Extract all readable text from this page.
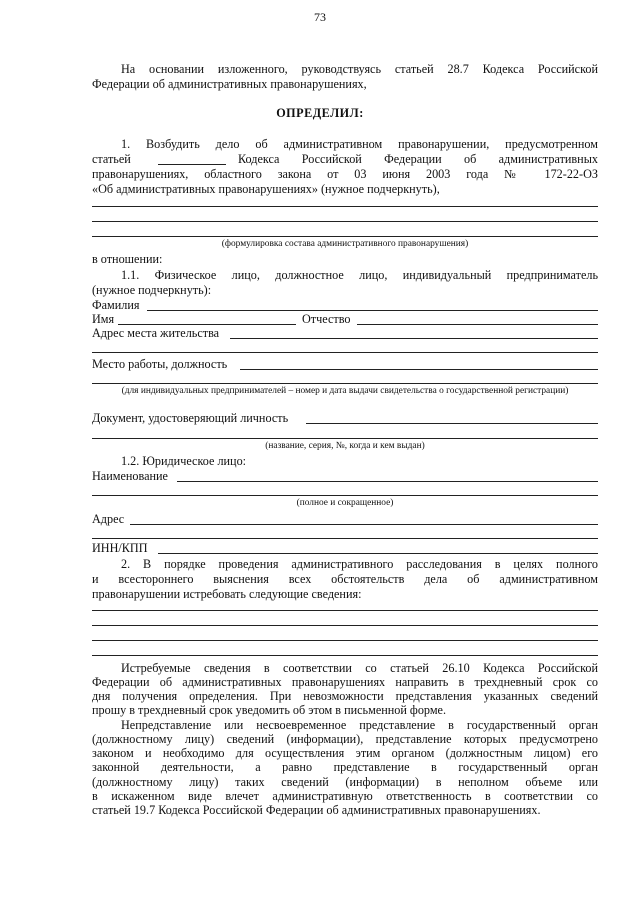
73
На основании изложенного, руководствуясь статьей 28.7 Кодекса Российской
Федерации об административных правонарушениях,
ОПРЕДЕЛИЛ:
1. Возбудить дело об административном правонарушении, предусмотренном
статьей	Кодекса Российской Федерации об административных
правонарушениях, областного закона от 03 июня 2003 года № 172-22-ОЗ
«Об административных правонарушениях» (нужное подчеркнуть),
(формулировка состава административного правонарушения)
в отношении:
1.1. Физическое лицо, должностное лицо, индивидуальный предприниматель
(нужное подчеркнуть):
Фамилия
Имя	Отчество
Адрес места жительства
Место работы, должность
(для индивидуальных предпринимателей – номер и дата выдачи свидетельства о государственной регистрации)
Документ, удостоверяющий личность
(название, серия, №, когда и кем выдан)
1.2. Юридическое лицо:
Наименование
(полное и сокращенное)
Адрес
ИНН/КПП
2. В порядке проведения административного расследования в целях полного
и всестороннего выяснения всех обстоятельств дела об административном
правонарушении истребовать следующие сведения:
Истребуемые сведения в соответствии со статьей 26.10 Кодекса Российской
Федерации об административных правонарушениях направить в трехдневный срок со
дня получения определения. При невозможности представления указанных сведений
прошу в трехдневный срок уведомить об этом в письменной форме.
Непредставление или несвоевременное представление в государственный орган
(должностному лицу) сведений (информации), представление которых предусмотрено
законом и необходимо для осуществления этим органом (должностным лицом) его
законной деятельности, а равно представление в государственный орган
(должностному лицу) таких сведений (информации) в неполном объеме или
в искаженном виде влечет административную ответственность в соответствии со
статьей 19.7 Кодекса Российской Федерации об административных правонарушениях.
